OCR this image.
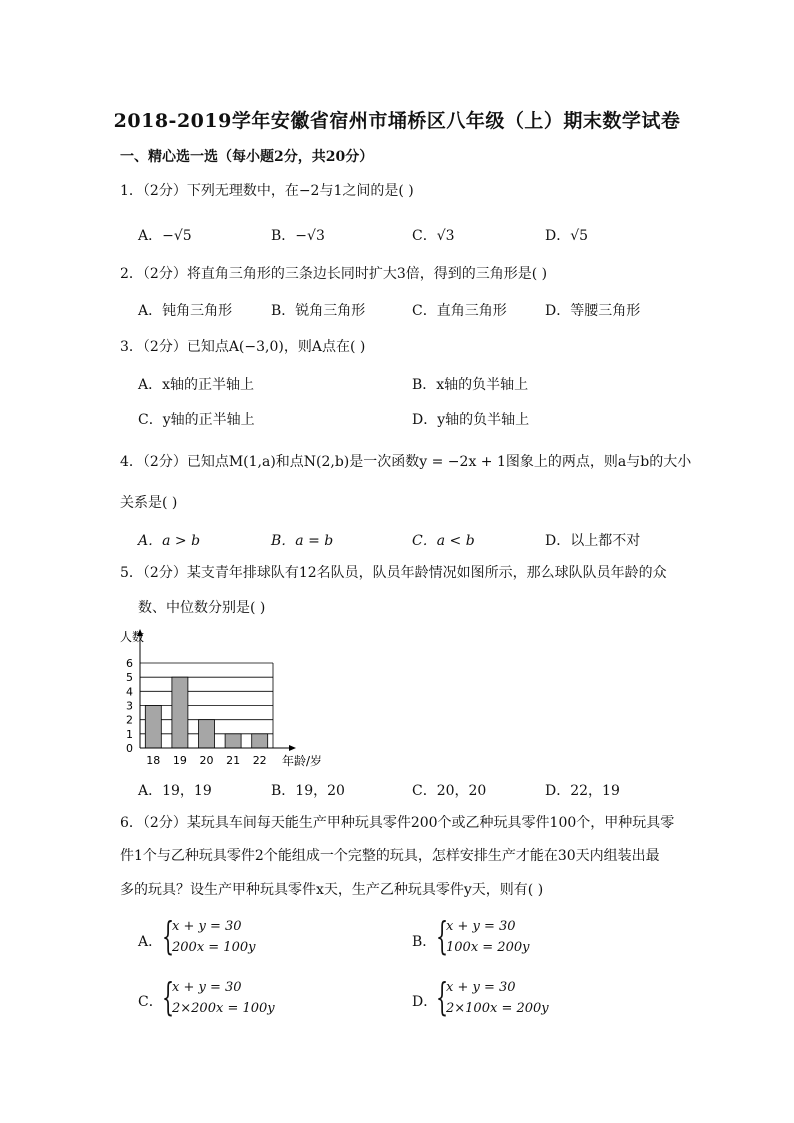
2018-2019学年安徽省宿州市埇桥区八年级（上）期末数学试卷
一、精心选一选（每小题2分，共20分）
1．（2分）下列无理数中，在−2与1之间的是( )
A．−√5	B．−√3	C．√3	D．√5
2．（2分）将直角三角形的三条边长同时扩大3倍，得到的三角形是( )
A．钝角三角形	B．锐角三角形	C．直角三角形	D．等腰三角形
3．（2分）已知点A(−3,0)，则A点在( )
A．x轴的正半轴上	B．x轴的负半轴上
C．y轴的正半轴上	D．y轴的负半轴上
4．（2分）已知点M(1,a)和点N(2,b)是一次函数y = −2x + 1图象上的两点，则a与b的大小
关系是( )
A．a > b	B．a = b	C．a < b	D．以上都不对
5．（2分）某支青年排球队有12名队员，队员年龄情况如图所示，那么球队队员年龄的众
数、中位数分别是( )
人数
年龄/岁
0
1
2
3
4
5
6
18 19 20 21 22
A．19，19	B．19，20	C．20，20	D．22，19
6．（2分）某玩具车间每天能生产甲种玩具零件200个或乙种玩具零件100个，甲种玩具零
件1个与乙种玩具零件2个能组成一个完整的玩具，怎样安排生产才能在30天内组装出最
多的玩具？设生产甲种玩具零件x天，生产乙种玩具零件y天，则有( )
A． {
x + y = 30
200x = 100y	B． {
x + y = 30
100x = 200y
C． {
x + y = 30
2×200x = 100y	D．
{
x + y = 30
2×100x = 200y
